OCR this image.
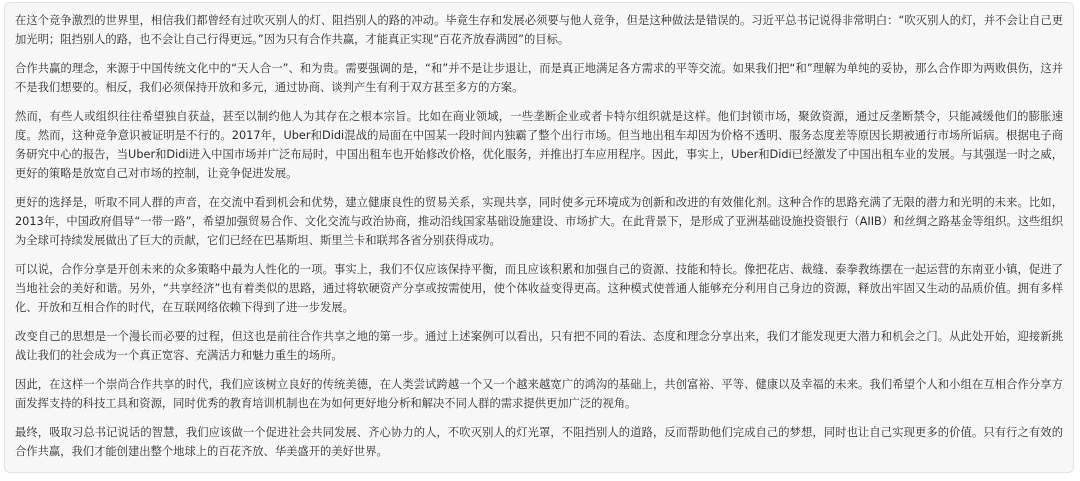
在这个竞争激烈的世界里，相信我们都曾经有过吹灭别人的灯、阻挡别人的路的冲动。毕竟生存和发展必须要与他人竞争，但是这种做法是错误的。习近平总书记说得非常明白：“吹灭别人的灯，并不会让自己更加光明；阻挡别人的路，也不会让自己行得更远。”因为只有合作共赢，才能真正实现“百花齐放春满园”的目标。

合作共赢的理念，来源于中国传统文化中的“天人合一”、和为贵。需要强调的是，“和”并不是让步退让，而是真正地满足各方需求的平等交流。如果我们把“和”理解为单纯的妥协，那么合作即为两败俱伤，这并不是我们想要的。相反，我们必须保持开放和多元，通过协商、谈判产生有利于双方甚至多方的方案。

然而，有些人或组织往往希望独自获益，甚至以制约他人为其存在之根本宗旨。比如在商业领域，一些垄断企业或者卡特尔组织就是这样。他们封锁市场，聚敛资源，通过反垄断禁令，只能减缓他们的膨胀速度。然而，这种竞争意识被证明是不行的。2017年，Uber和Didi混战的局面在中国某一段时间内独霸了整个出行市场。但当地出租车却因为价格不透明、服务态度差等原因长期被通行市场所诟病。根据电子商务研究中心的报告，当Uber和Didi进入中国市场并广泛布局时，中国出租车也开始修改价格，优化服务，并推出打车应用程序。因此，事实上，Uber和Didi已经激发了中国出租车业的发展。与其强逞一时之威，更好的策略是放宽自己对市场的控制，让竞争促进发展。

更好的选择是，听取不同人群的声音，在交流中看到机会和优势，建立健康良性的贸易关系，实现共享，同时使多元环境成为创新和改进的有效催化剂。这种合作的思路充满了无限的潜力和光明的未来。比如，2013年，中国政府倡导“一带一路”，希望加强贸易合作、文化交流与政治协商，推动沿线国家基础设施建设、市场扩大。在此背景下，是形成了亚洲基础设施投资银行（AIIB）和丝绸之路基金等组织。这些组织为全球可持续发展做出了巨大的贡献，它们已经在巴基斯坦、斯里兰卡和联邦各省分别获得成功。

可以说，合作分享是开创未来的众多策略中最为人性化的一项。事实上，我们不仅应该保持平衡，而且应该积累和加强自己的资源、技能和特长。像把花店、裁缝、泰拳教练摆在一起运营的东南亚小镇，促进了当地社会的美好和谐。另外，“共享经济”也有着类似的思路，通过将软硬资产分享或按需使用，使个体收益变得更高。这种模式使普通人能够充分利用自己身边的资源，释放出牢固又生动的品质价值。拥有多样化、开放和互相合作的时代，在互联网络依赖下得到了进一步发展。

改变自己的思想是一个漫长而必要的过程，但这也是前往合作共享之地的第一步。通过上述案例可以看出，只有把不同的看法、态度和理念分享出来，我们才能发现更大潜力和机会之门。从此处开始，迎接新挑战让我们的社会成为一个真正宽容、充满活力和魅力重生的场所。

因此，在这样一个崇尚合作共享的时代，我们应该树立良好的传统美德，在人类尝试跨越一个又一个越来越宽广的鸿沟的基础上，共创富裕、平等、健康以及幸福的未来。我们希望个人和小组在互相合作分享方面发挥支持的科技工具和资源，同时优秀的教育培训机制也在为如何更好地分析和解决不同人群的需求提供更加广泛的视角。

最终，吸取习总书记说话的智慧，我们应该做一个促进社会共同发展、齐心协力的人，不吹灭别人的灯光罩，不阻挡别人的道路，反而帮助他们完成自己的梦想，同时也让自己实现更多的价值。只有行之有效的合作共赢，我们才能创建出整个地球上的百花齐放、华美盛开的美好世界。
